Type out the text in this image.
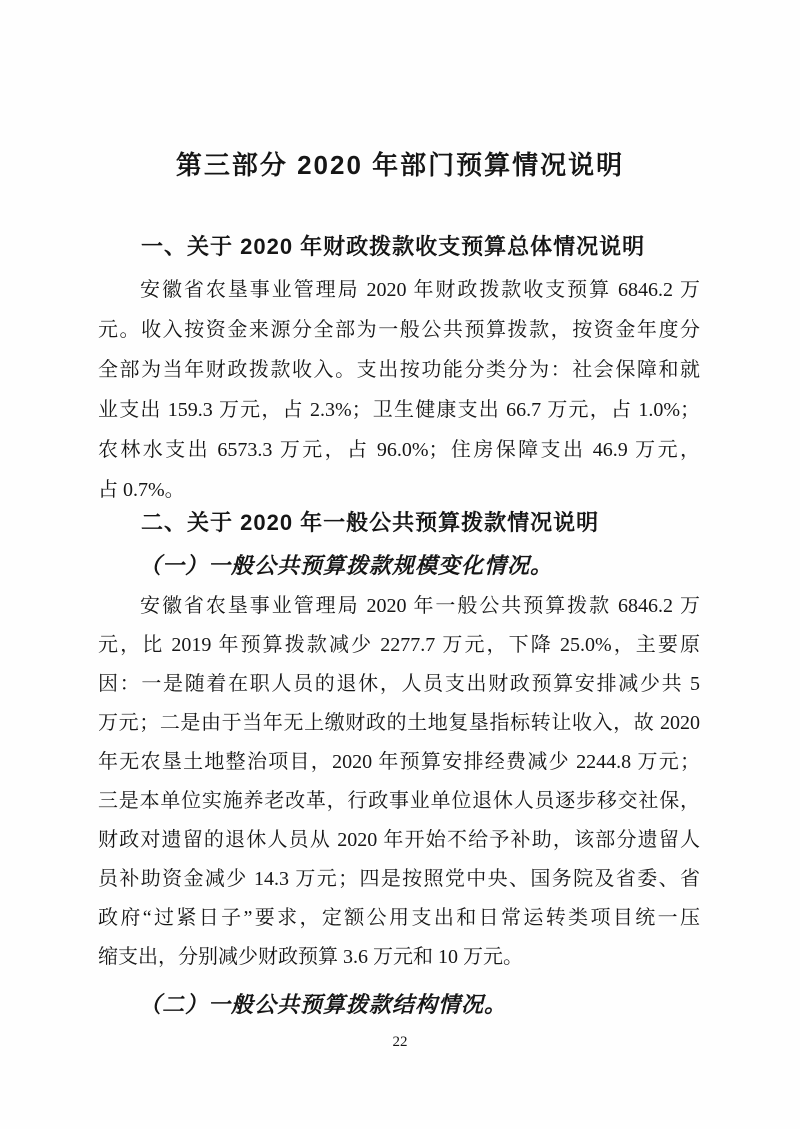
第三部分 2020 年部门预算情况说明
一、关于 2020 年财政拨款收支预算总体情况说明
安徽省农垦事业管理局 2020 年财政拨款收支预算 6846.2 万
元。收入按资金来源分全部为一般公共预算拨款，按资金年度分
全部为当年财政拨款收入。支出按功能分类分为：社会保障和就
业支出 159.3 万元，占 2.3%；卫生健康支出 66.7 万元，占 1.0%；
农林水支出 6573.3 万元，占 96.0%；住房保障支出 46.9 万元，
占 0.7%。
二、关于 2020 年一般公共预算拨款情况说明
（一）一般公共预算拨款规模变化情况。
安徽省农垦事业管理局 2020 年一般公共预算拨款 6846.2 万
元，比 2019 年预算拨款减少 2277.7 万元，下降 25.0%，主要原
因：一是随着在职人员的退休，人员支出财政预算安排减少共 5
万元；二是由于当年无上缴财政的土地复垦指标转让收入，故 2020
年无农垦土地整治项目，2020 年预算安排经费减少 2244.8 万元；
三是本单位实施养老改革，行政事业单位退休人员逐步移交社保，
财政对遗留的退休人员从 2020 年开始不给予补助，该部分遗留人
员补助资金减少 14.3 万元；四是按照党中央、国务院及省委、省
政府“过紧日子”要求，定额公用支出和日常运转类项目统一压
缩支出，分别减少财政预算 3.6 万元和 10 万元。
（二）一般公共预算拨款结构情况。
22
